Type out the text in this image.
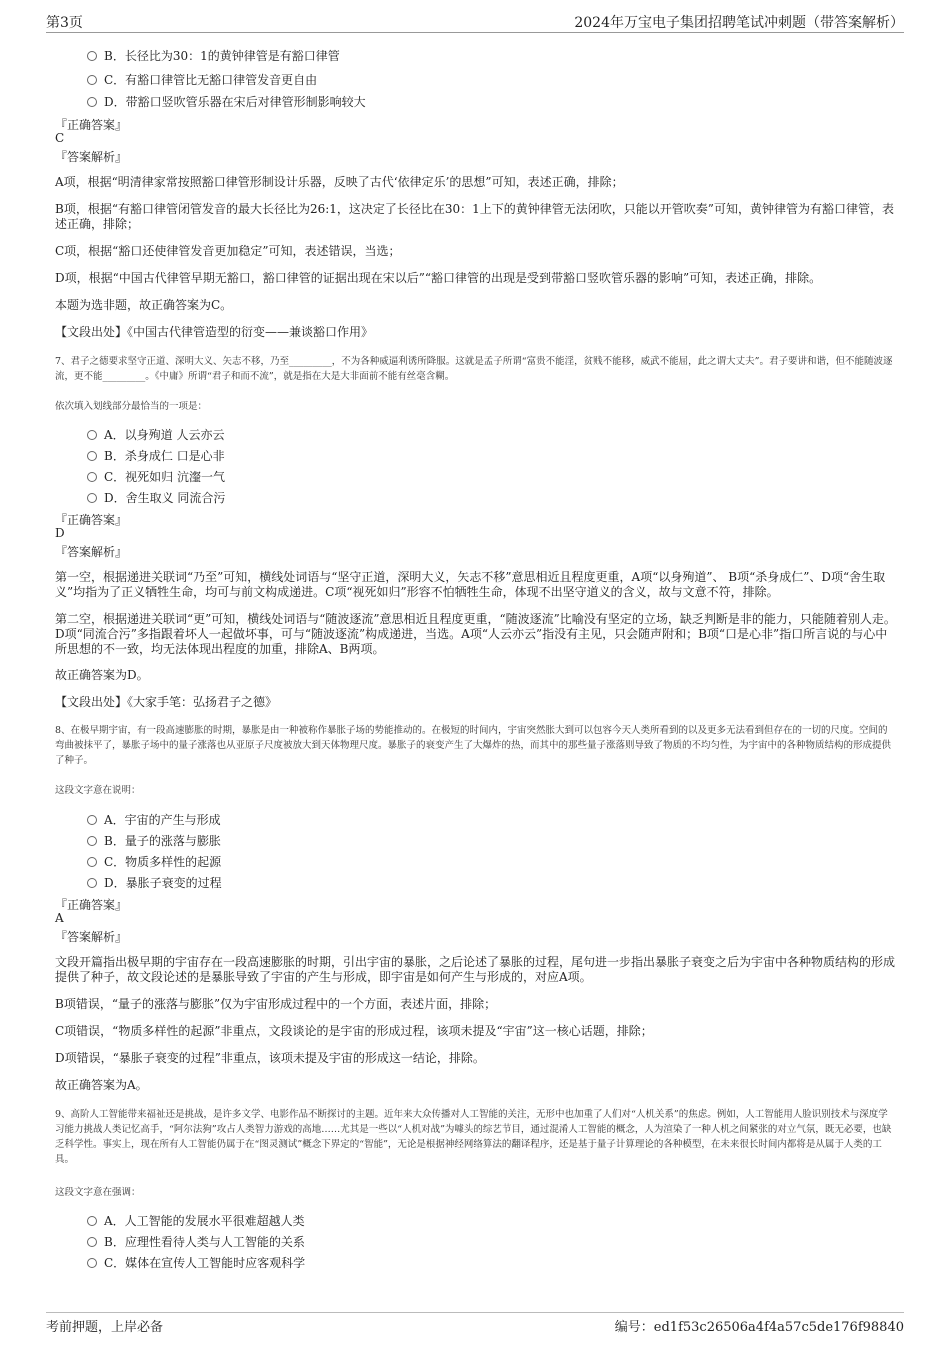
第3页	2024年万宝电子集团招聘笔试冲刺题（带答案解析）
B．长径比为30：1的黄钟律管是有豁口律管
C．有豁口律管比无豁口律管发音更自由
D．带豁口竖吹管乐器在宋后对律管形制影响较大
『正确答案』
C
『答案解析』
A项，根据“明清律家常按照豁口律管形制设计乐器，反映了古代‘依律定乐’的思想”可知，表述正确，排除；
B项，根据“有豁口律管闭管发音的最大长径比为26:1，这决定了长径比在30：1上下的黄钟律管无法闭吹，只能以开管吹奏”可知，黄钟律管为有豁口律管，表述正确，排除；
C项，根据“豁口还使律管发音更加稳定”可知，表述错误，当选；
D项，根据“中国古代律管早期无豁口，豁口律管的证据出现在宋以后”“豁口律管的出现是受到带豁口竖吹管乐器的影响”可知，表述正确，排除。
本题为选非题，故正确答案为C。
【文段出处】《中国古代律管造型的衍变——兼谈豁口作用》
7、君子之德要求坚守正道、深明大义、矢志不移，乃至_________，不为各种威逼利诱所降服。这就是孟子所谓“富贵不能淫，贫贱不能移，威武不能屈，此之谓大丈夫”。君子要讲和谐，但不能随波逐流，更不能_________。《中庸》所谓“君子和而不流”，就是指在大是大非面前不能有丝毫含糊。
依次填入划线部分最恰当的一项是：
A．以身殉道 人云亦云
B．杀身成仁 口是心非
C．视死如归 沆瀣一气
D．舍生取义 同流合污
『正确答案』
D
『答案解析』
第一空，根据递进关联词“乃至”可知，横线处词语与“坚守正道，深明大义，矢志不移”意思相近且程度更重，A项“以身殉道”、 B项“杀身成仁”、D项“舍生取义”均指为了正义牺牲生命，均可与前文构成递进。C项“视死如归”形容不怕牺牲生命，体现不出坚守道义的含义，故与文意不符，排除。
第二空，根据递进关联词“更”可知，横线处词语与“随波逐流”意思相近且程度更重，“随波逐流”比喻没有坚定的立场，缺乏判断是非的能力，只能随着别人走。D项“同流合污”多指跟着坏人一起做坏事，可与“随波逐流”构成递进，当选。A项“人云亦云”指没有主见，只会随声附和；B项“口是心非”指口所言说的与心中所思想的不一致，均无法体现出程度的加重，排除A、B两项。
故正确答案为D。
【文段出处】《大家手笔：弘扬君子之德》
8、在极早期宇宙，有一段高速膨胀的时期，暴胀是由一种被称作暴胀子场的势能推动的。在极短的时间内，宇宙突然胀大到可以包容今天人类所看到的以及更多无法看到但存在的一切的尺度。空间的弯曲被抹平了，暴胀子场中的量子涨落也从亚原子尺度被放大到天体物理尺度。暴胀子的衰变产生了大爆炸的热，而其中的那些量子涨落则导致了物质的不均匀性，为宇宙中的各种物质结构的形成提供了种子。
这段文字意在说明：
A．宇宙的产生与形成
B．量子的涨落与膨胀
C．物质多样性的起源
D．暴胀子衰变的过程
『正确答案』
A
『答案解析』
文段开篇指出极早期的宇宙存在一段高速膨胀的时期，引出宇宙的暴胀，之后论述了暴胀的过程，尾句进一步指出暴胀子衰变之后为宇宙中各种物质结构的形成提供了种子，故文段论述的是暴胀导致了宇宙的产生与形成，即宇宙是如何产生与形成的，对应A项。
B项错误，“量子的涨落与膨胀”仅为宇宙形成过程中的一个方面，表述片面，排除；
C项错误，“物质多样性的起源”非重点，文段谈论的是宇宙的形成过程，该项未提及“宇宙”这一核心话题，排除；
D项错误，“暴胀子衰变的过程”非重点，该项未提及宇宙的形成这一结论，排除。
故正确答案为A。
9、高阶人工智能带来福祉还是挑战，是许多文学、电影作品不断探讨的主题。近年来大众传播对人工智能的关注，无形中也加重了人们对“人机关系”的焦虑。例如，人工智能用人脸识别技术与深度学习能力挑战人类记忆高手，“阿尔法狗”攻占人类智力游戏的高地……尤其是一些以“人机对战”为噱头的综艺节目，通过混淆人工智能的概念，人为渲染了一种人机之间紧张的对立气氛，既无必要，也缺乏科学性。事实上，现在所有人工智能仍属于在“图灵测试”概念下界定的“智能”，无论是根据神经网络算法的翻译程序，还是基于量子计算理论的各种模型，在未来很长时间内都将是从属于人类的工具。
这段文字意在强调：
A．人工智能的发展水平很难超越人类
B．应理性看待人类与人工智能的关系
C．媒体在宣传人工智能时应客观科学
考前押题，上岸必备	编号：ed1f53c26506a4f4a57c5de176f98840
